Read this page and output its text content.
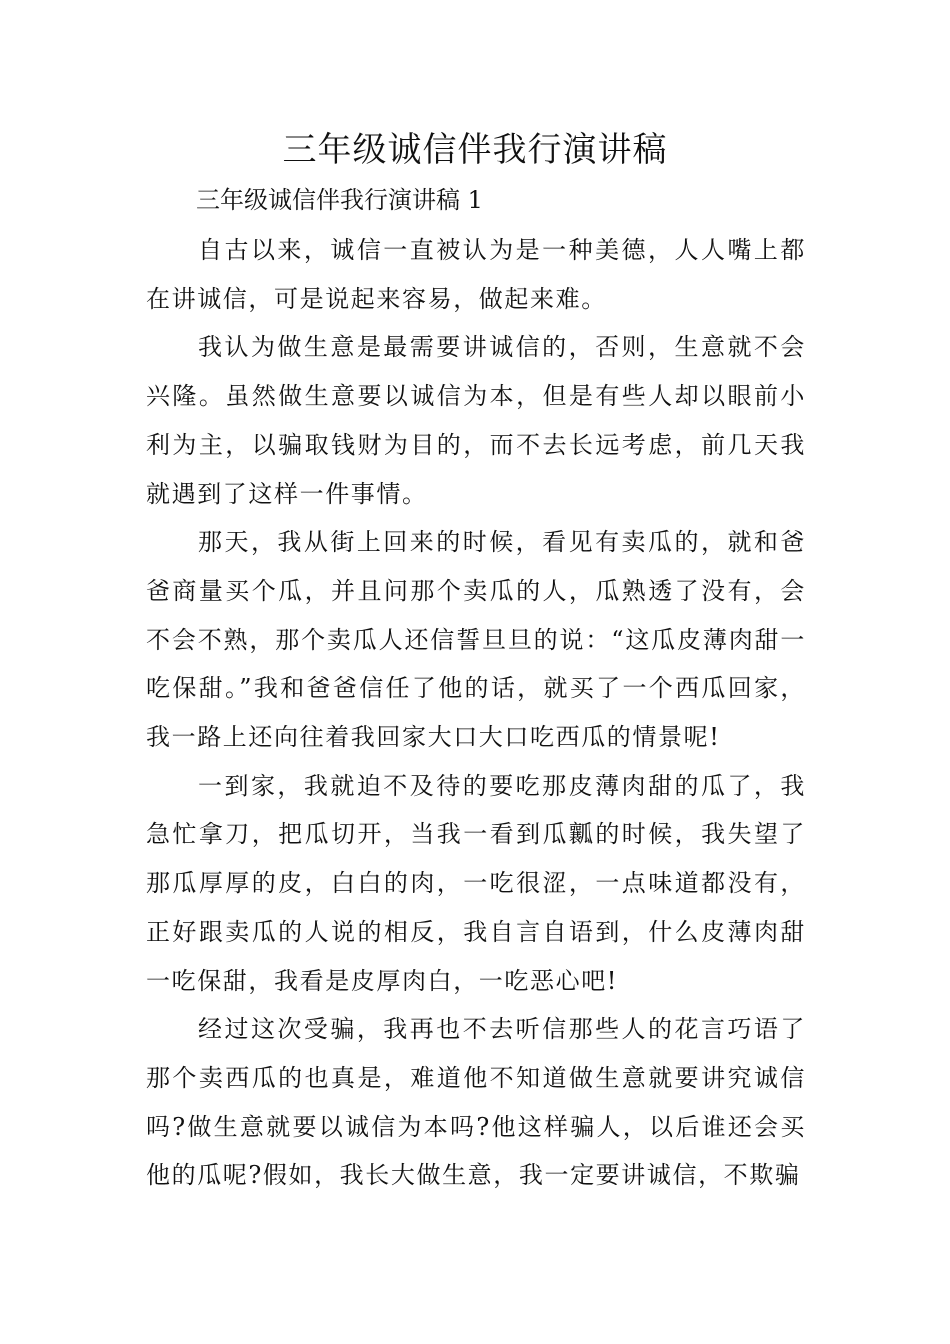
三年级诚信伴我行演讲稿

三年级诚信伴我行演讲稿 1

自古以来，诚信一直被认为是一种美德，人人嘴上都在讲诚信，可是说起来容易，做起来难。

我认为做生意是最需要讲诚信的，否则，生意就不会兴隆。虽然做生意要以诚信为本，但是有些人却以眼前小利为主，以骗取钱财为目的，而不去长远考虑，前几天我就遇到了这样一件事情。

那天，我从街上回来的时候，看见有卖瓜的，就和爸爸商量买个瓜，并且问那个卖瓜的人，瓜熟透了没有，会不会不熟，那个卖瓜人还信誓旦旦的说：“这瓜皮薄肉甜一吃保甜。”我和爸爸信任了他的话，就买了一个西瓜回家，我一路上还向往着我回家大口大口吃西瓜的情景呢!

一到家，我就迫不及待的要吃那皮薄肉甜的瓜了，我急忙拿刀，把瓜切开，当我一看到瓜瓤的时候，我失望了那瓜厚厚的皮，白白的肉，一吃很涩，一点味道都没有，正好跟卖瓜的人说的相反，我自言自语到，什么皮薄肉甜一吃保甜，我看是皮厚肉白，一吃恶心吧!

经过这次受骗，我再也不去听信那些人的花言巧语了那个卖西瓜的也真是，难道他不知道做生意就要讲究诚信吗?做生意就要以诚信为本吗?他这样骗人，以后谁还会买他的瓜呢?假如，我长大做生意，我一定要讲诚信，不欺骗
